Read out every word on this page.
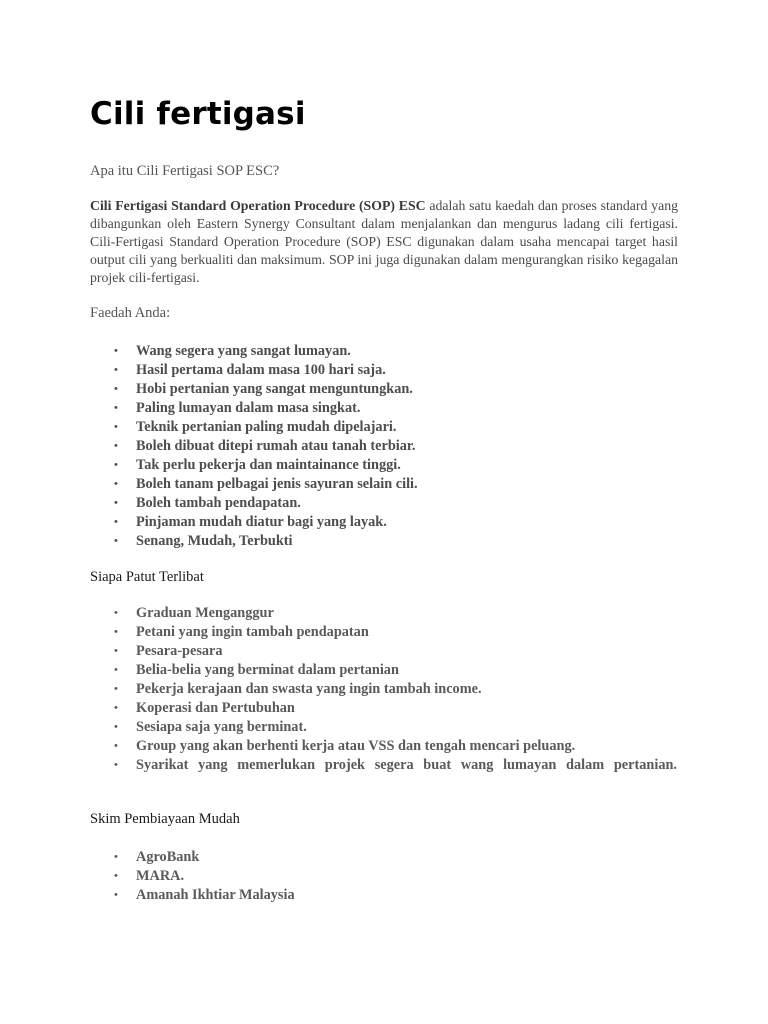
Cili fertigasi

Apa itu Cili Fertigasi SOP ESC?

Cili Fertigasi Standard Operation Procedure (SOP) ESC adalah satu kaedah dan proses standard yang dibangunkan oleh Eastern Synergy Consultant dalam menjalankan dan mengurus ladang cili fertigasi. Cili-Fertigasi Standard Operation Procedure (SOP) ESC digunakan dalam usaha mencapai target hasil output cili yang berkualiti dan maksimum. SOP ini juga digunakan dalam mengurangkan risiko kegagalan projek cili-fertigasi.

Faedah Anda:

• Wang segera yang sangat lumayan.
• Hasil pertama dalam masa 100 hari saja.
• Hobi pertanian yang sangat menguntungkan.
• Paling lumayan dalam masa singkat.
• Teknik pertanian paling mudah dipelajari.
• Boleh dibuat ditepi rumah atau tanah terbiar.
• Tak perlu pekerja dan maintainance tinggi.
• Boleh tanam pelbagai jenis sayuran selain cili.
• Boleh tambah pendapatan.
• Pinjaman mudah diatur bagi yang layak.
• Senang, Mudah, Terbukti

Siapa Patut Terlibat

• Graduan Menganggur
• Petani yang ingin tambah pendapatan
• Pesara-pesara
• Belia-belia yang berminat dalam pertanian
• Pekerja kerajaan dan swasta yang ingin tambah income.
• Koperasi dan Pertubuhan
• Sesiapa saja yang berminat.
• Group yang akan berhenti kerja atau VSS dan tengah mencari peluang.
• Syarikat yang memerlukan projek segera buat wang lumayan dalam pertanian.

Skim Pembiayaan Mudah

• AgroBank
• MARA.
• Amanah Ikhtiar Malaysia
